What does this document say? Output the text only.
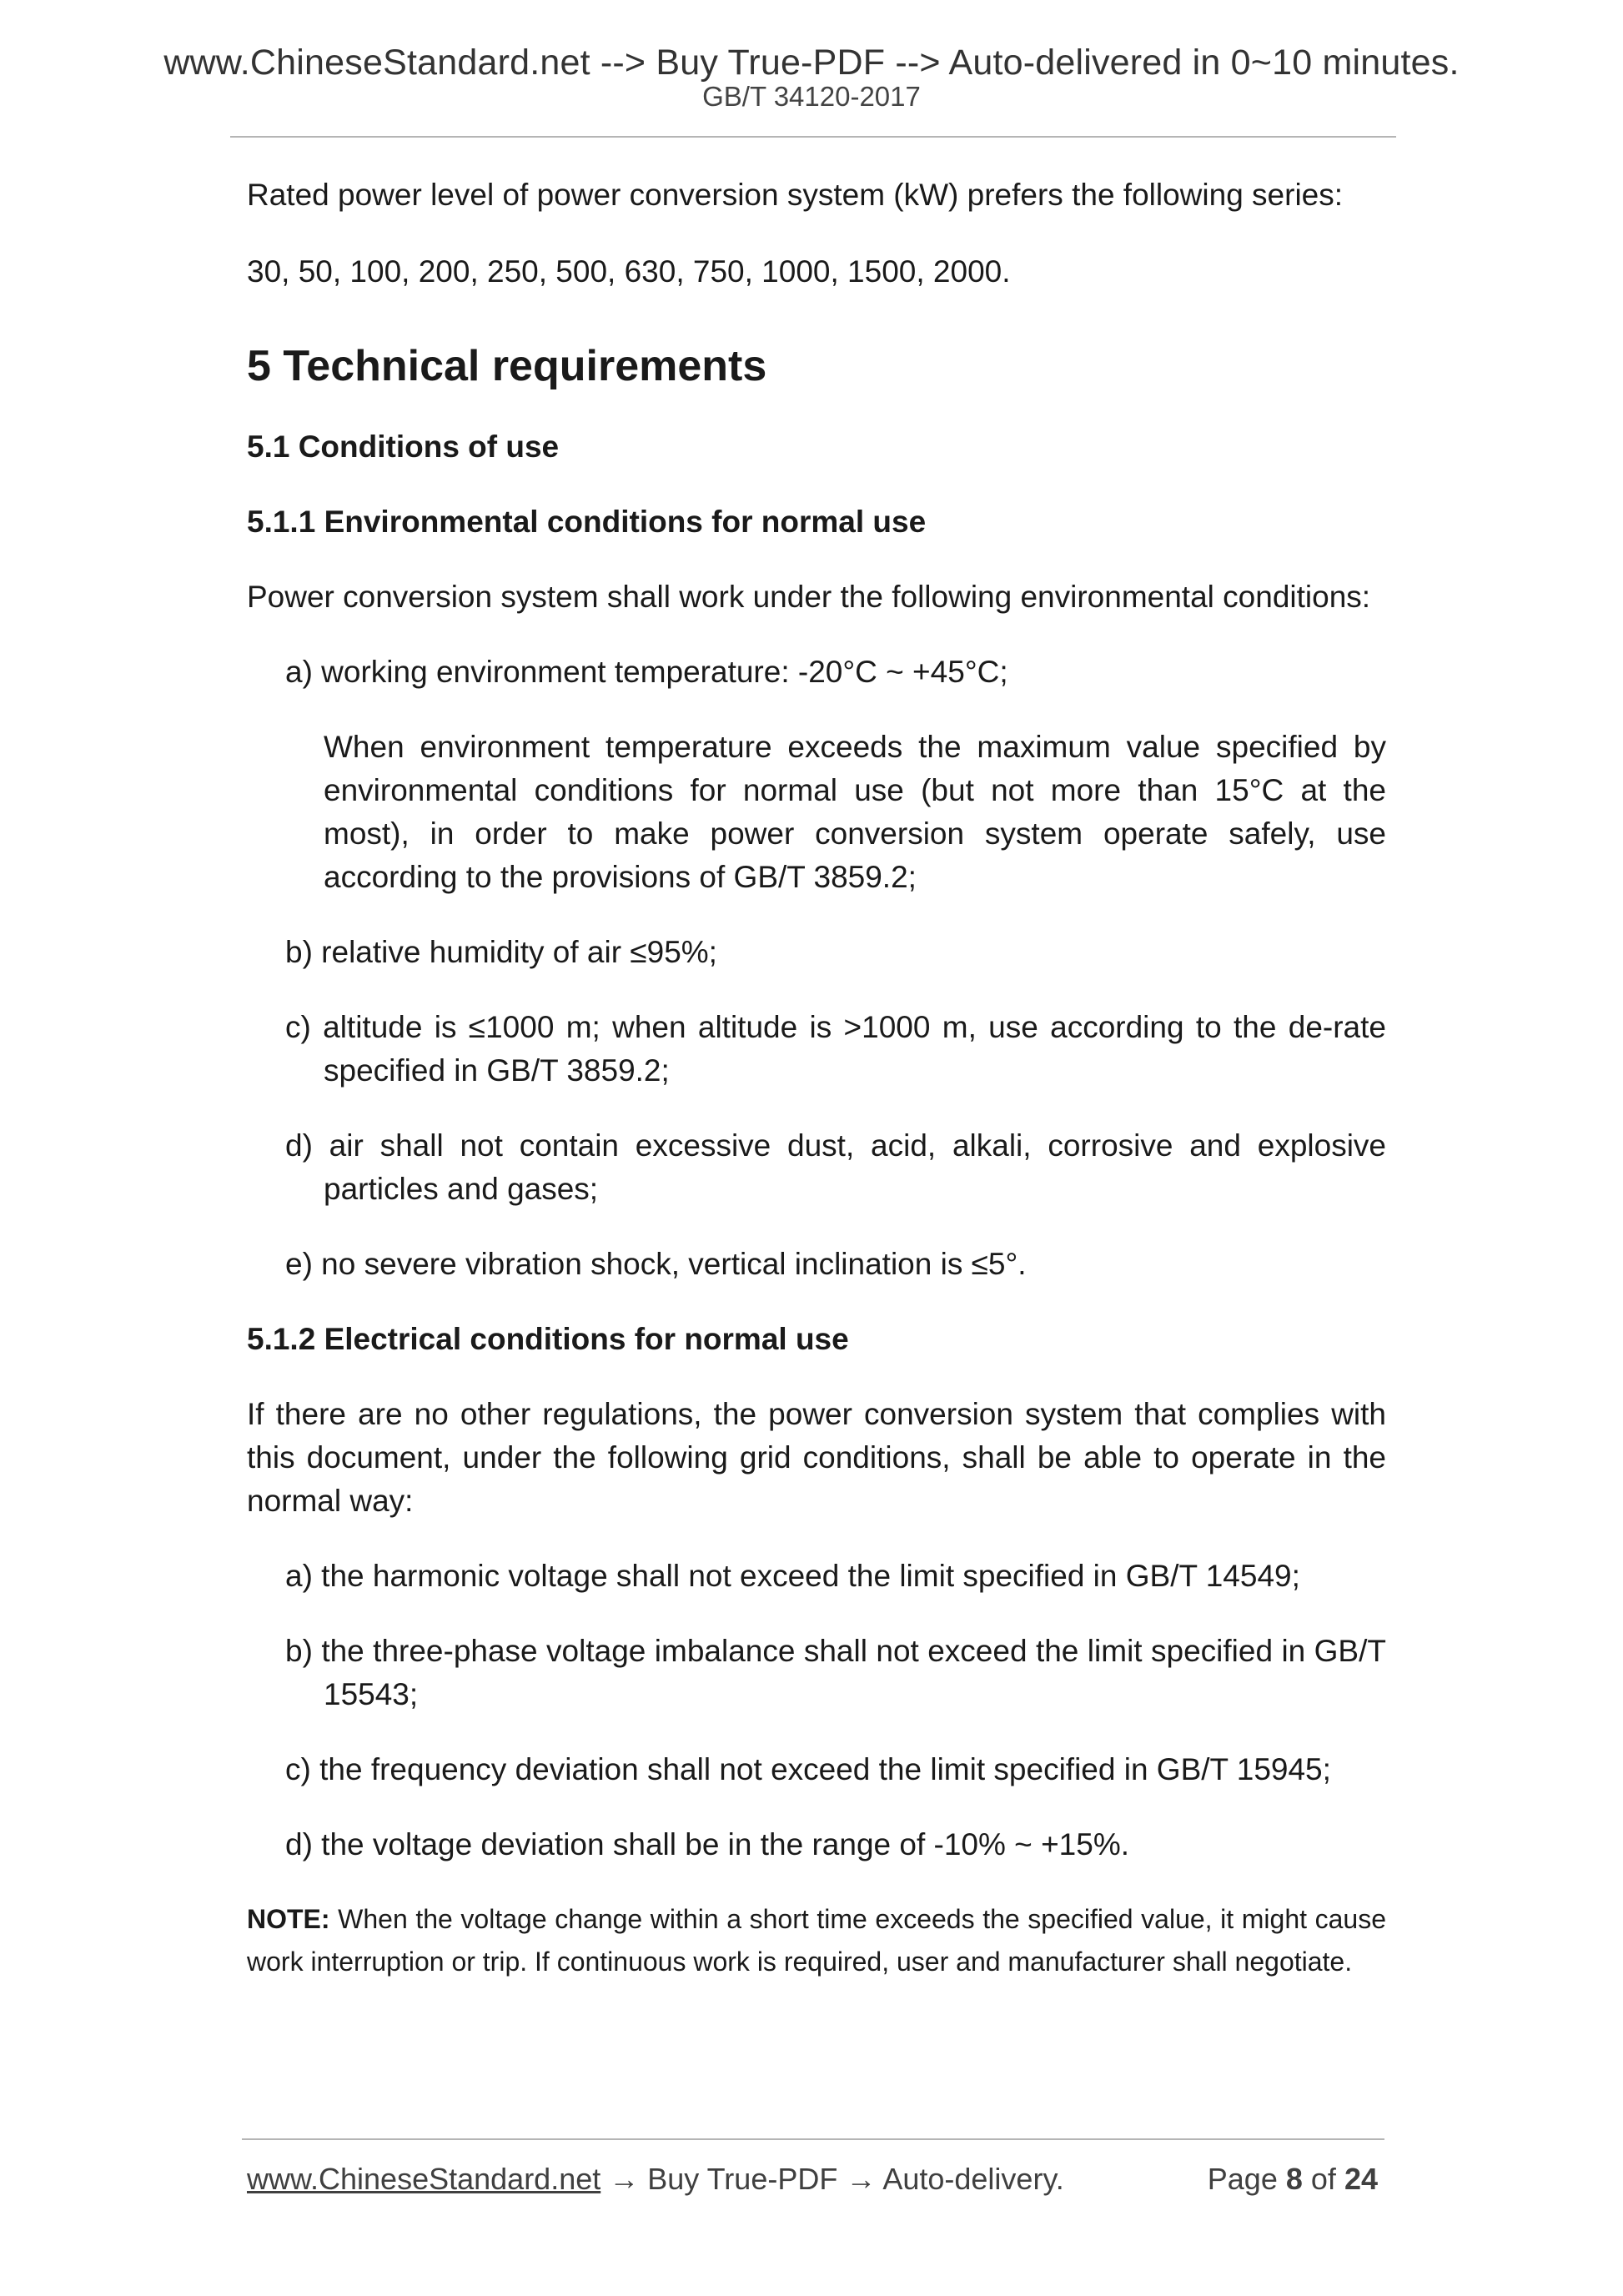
www.ChineseStandard.net --> Buy True-PDF --> Auto-delivered in 0~10 minutes.
GB/T 34120-2017

Rated power level of power conversion system (kW) prefers the following series:

30, 50, 100, 200, 250, 500, 630, 750, 1000, 1500, 2000.

5 Technical requirements
5.1 Conditions of use
5.1.1 Environmental conditions for normal use

Power conversion system shall work under the following environmental conditions:

a) working environment temperature: -20°C ~ +45°C;

When environment temperature exceeds the maximum value specified by environmental conditions for normal use (but not more than 15°C at the most), in order to make power conversion system operate safely, use according to the provisions of GB/T 3859.2;

b) relative humidity of air ≤95%;

c) altitude is ≤1000 m; when altitude is >1000 m, use according to the de-rate specified in GB/T 3859.2;

d) air shall not contain excessive dust, acid, alkali, corrosive and explosive particles and gases;

e) no severe vibration shock, vertical inclination is ≤5°.

5.1.2 Electrical conditions for normal use

If there are no other regulations, the power conversion system that complies with this document, under the following grid conditions, shall be able to operate in the normal way:

a) the harmonic voltage shall not exceed the limit specified in GB/T 14549;

b) the three-phase voltage imbalance shall not exceed the limit specified in GB/T 15543;

c) the frequency deviation shall not exceed the limit specified in GB/T 15945;

d) the voltage deviation shall be in the range of -10% ~ +15%.

NOTE: When the voltage change within a short time exceeds the specified value, it might cause work interruption or trip. If continuous work is required, user and manufacturer shall negotiate.

www.ChineseStandard.net → Buy True-PDF → Auto-delivery.	Page 8 of 24
